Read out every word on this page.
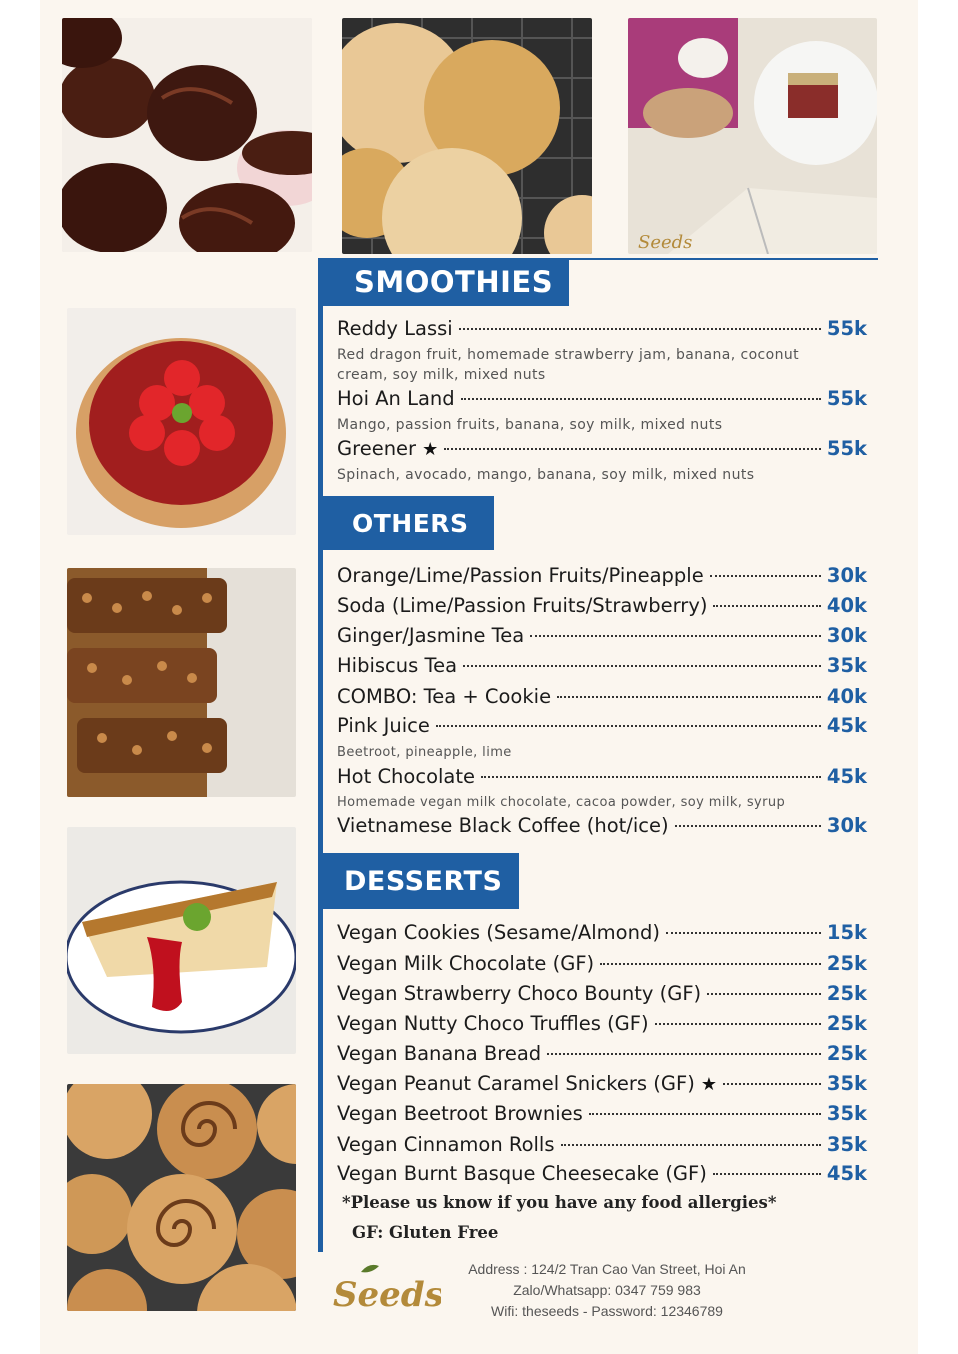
Seeds
SMOOTHIES
Reddy Lassi	55k
Red dragon fruit, homemade strawberry jam, banana, coconut cream, soy milk, mixed nuts
Hoi An Land	55k
Mango, passion fruits, banana, soy milk, mixed nuts
Greener ★	55k
Spinach, avocado, mango, banana, soy milk, mixed nuts
OTHERS
Orange/Lime/Passion Fruits/Pineapple	30k
Soda (Lime/Passion Fruits/Strawberry)	40k
Ginger/Jasmine Tea	30k
Hibiscus Tea	35k
COMBO: Tea + Cookie	40k
Pink Juice	45k
Beetroot, pineapple, lime
Hot Chocolate	45k
Homemade vegan milk chocolate, cacoa powder, soy milk, syrup
Vietnamese Black Coffee (hot/ice)	30k
DESSERTS
Vegan Cookies (Sesame/Almond)	15k
Vegan Milk Chocolate (GF)	25k
Vegan Strawberry Choco Bounty (GF)	25k
Vegan Nutty Choco Truffles (GF)	25k
Vegan Banana Bread	25k
Vegan Peanut Caramel Snickers (GF) ★	35k
Vegan Beetroot Brownies	35k
Vegan Cinnamon Rolls	35k
Vegan Burnt Basque Cheesecake (GF)	45k
*Please us know if you have any food allergies*
GF: Gluten Free
Seeds
Address : 124/2 Tran Cao Van Street, Hoi An
Zalo/Whatsapp: 0347 759 983
Wifi: theseeds - Password: 12346789
